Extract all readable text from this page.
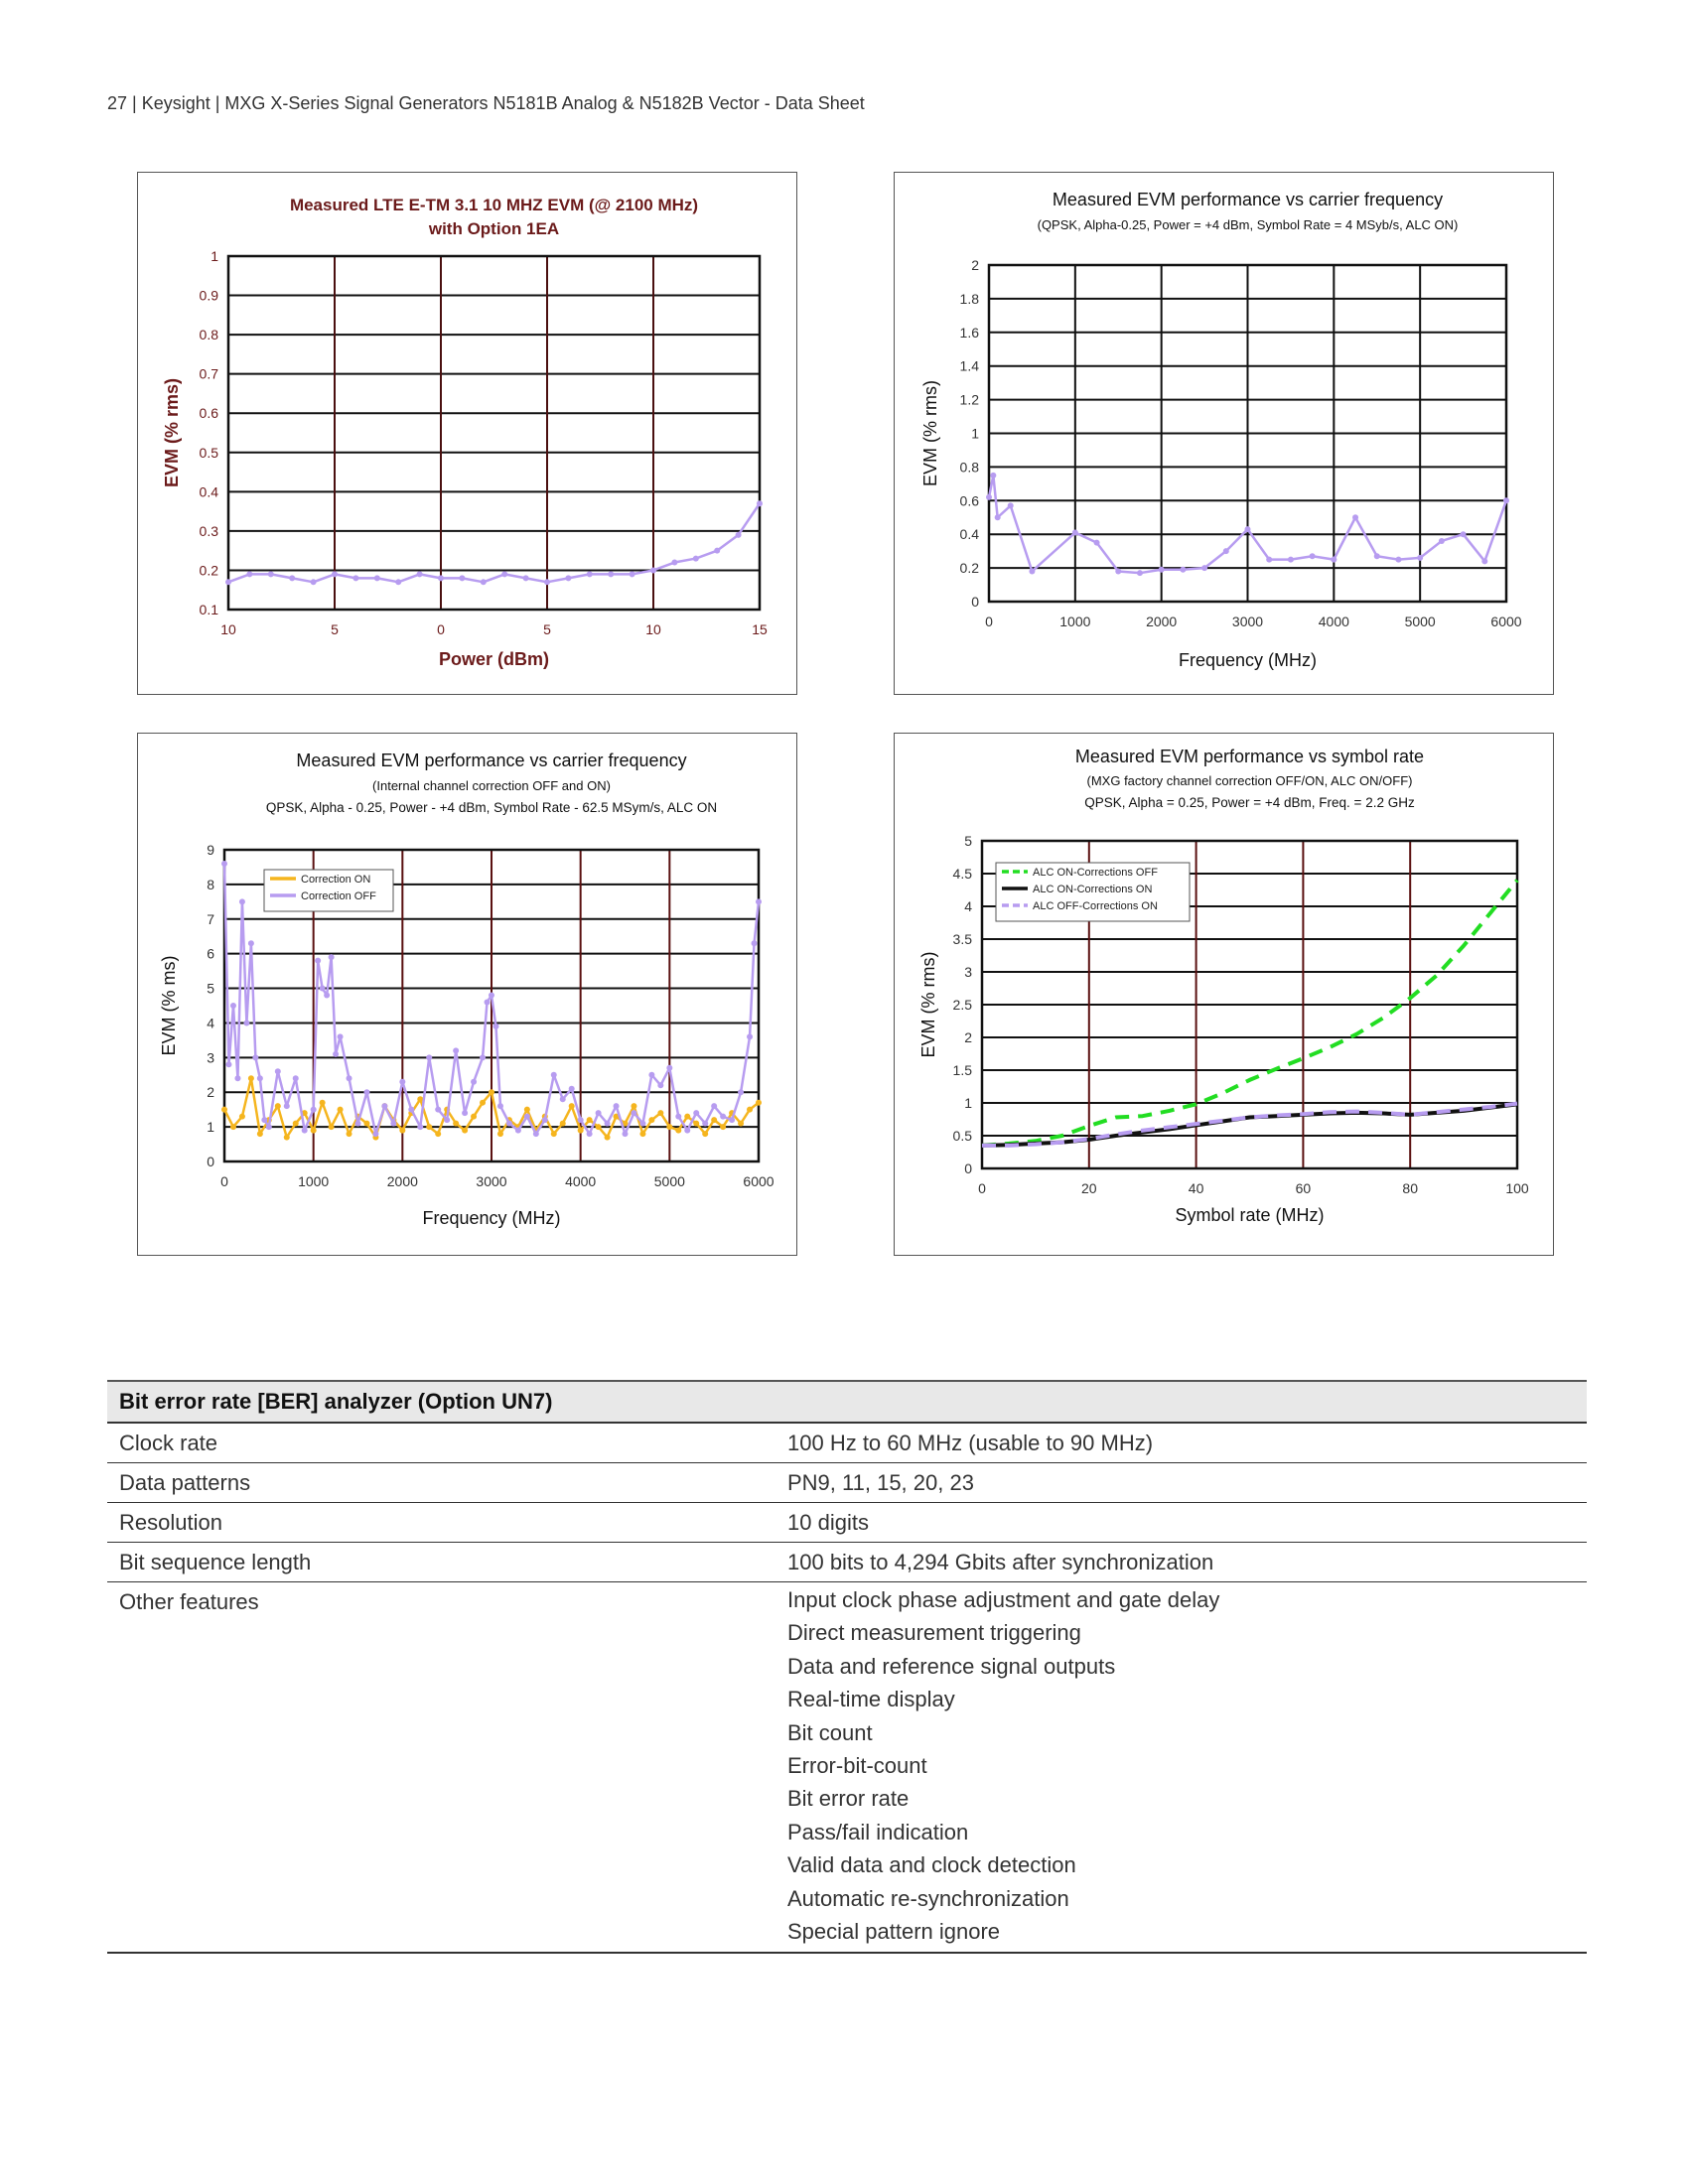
27 | Keysight | MXG X-Series Signal Generators N5181B Analog & N5182B Vector - Data Sheet
Measured LTE E-TM 3.1 10 MHZ EVM (@ 2100 MHz)
with Option 1EA
1
0.9
0.8
0.7
0.6
0.5
0.4
0.3
0.2
0.1
10	5	0	5	10	15
Power (dBm)
EVM (% rms)
Measured EVM performance vs carrier frequency
(QPSK, Alpha-0.25, Power = +4 dBm, Symbol Rate = 4 MSyb/s, ALC ON)
0
0.2
0.4
0.6
0.8
1
1.2
1.4
1.6
1.8
2
0	1000	2000	3000	4000	5000	6000
Frequency (MHz)
EVM (% rms)
Measured EVM performance vs carrier frequency
(Internal channel correction OFF and ON)
QPSK, Alpha - 0.25, Power - +4 dBm, Symbol Rate - 62.5 MSym/s, ALC ON
0
1
2
3
4
5
6
7
8
9
0	1000	2000	3000	4000	5000	6000
Frequency (MHz)
EVM (% ms)
Correction ON
Correction OFF
Measured EVM performance vs symbol rate
(MXG factory channel correction OFF/ON, ALC ON/OFF)
QPSK, Alpha = 0.25, Power = +4 dBm, Freq. = 2.2 GHz
0
0.5
1
1.5
2
2.5
3
3.5
4
4.5
5
0	20	40	60	80	100
Symbol rate (MHz)
EVM (% rms)
ALC ON-Corrections OFF
ALC ON-Corrections ON
ALC OFF-Corrections ON
Bit error rate [BER] analyzer (Option UN7)
Clock rate	100 Hz to 60 MHz (usable to 90 MHz)
Data patterns	PN9, 11, 15, 20, 23
Resolution	10 digits
Bit sequence length	100 bits to 4,294 Gbits after synchronization
Other features	Input clock phase adjustment and gate delay
Direct measurement triggering
Data and reference signal outputs
Real-time display
Bit count
Error-bit-count
Bit error rate
Pass/fail indication
Valid data and clock detection
Automatic re-synchronization
Special pattern ignore
